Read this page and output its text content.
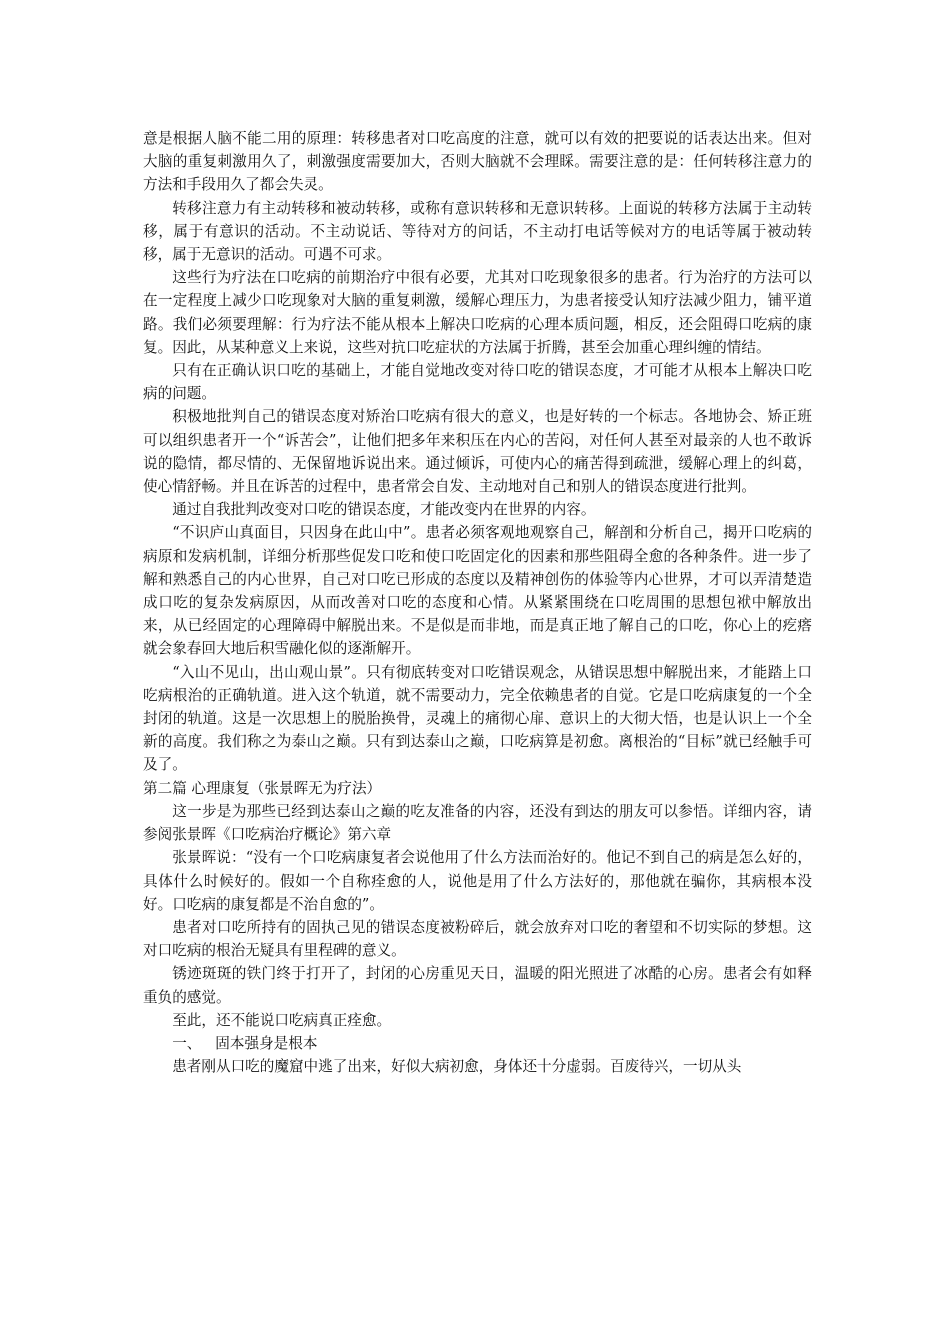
意是根据人脑不能二用的原理：转移患者对口吃高度的注意，就可以有效的把要说的话表达出来。但对大脑的重复刺激用久了，刺激强度需要加大，否则大脑就不会理睬。需要注意的是：任何转移注意力的方法和手段用久了都会失灵。

转移注意力有主动转移和被动转移，或称有意识转移和无意识转移。上面说的转移方法属于主动转移，属于有意识的活动。不主动说话、等待对方的问话，不主动打电话等候对方的电话等属于被动转移，属于无意识的活动。可遇不可求。

这些行为疗法在口吃病的前期治疗中很有必要，尤其对口吃现象很多的患者。行为治疗的方法可以在一定程度上减少口吃现象对大脑的重复刺激，缓解心理压力，为患者接受认知疗法减少阻力，铺平道路。我们必须要理解：行为疗法不能从根本上解决口吃病的心理本质问题，相反，还会阻碍口吃病的康复。因此，从某种意义上来说，这些对抗口吃症状的方法属于折腾，甚至会加重心理纠缠的情结。

只有在正确认识口吃的基础上，才能自觉地改变对待口吃的错误态度，才可能才从根本上解决口吃病的问题。

积极地批判自己的错误态度对矫治口吃病有很大的意义，也是好转的一个标志。各地协会、矫正班可以组织患者开一个“诉苦会”，让他们把多年来积压在内心的苦闷，对任何人甚至对最亲的人也不敢诉说的隐情，都尽情的、无保留地诉说出来。通过倾诉，可使内心的痛苦得到疏泄，缓解心理上的纠葛，使心情舒畅。并且在诉苦的过程中，患者常会自发、主动地对自己和别人的错误态度进行批判。

通过自我批判改变对口吃的错误态度，才能改变内在世界的内容。

“不识庐山真面目，只因身在此山中”。患者必须客观地观察自己，解剖和分析自己，揭开口吃病的病原和发病机制，详细分析那些促发口吃和使口吃固定化的因素和那些阻碍全愈的各种条件。进一步了解和熟悉自己的内心世界，自己对口吃已形成的态度以及精神创伤的体验等内心世界，才可以弄清楚造成口吃的复杂发病原因，从而改善对口吃的态度和心情。从紧紧围绕在口吃周围的思想包袱中解放出来，从已经固定的心理障碍中解脱出来。不是似是而非地，而是真正地了解自己的口吃，你心上的疙瘩就会象春回大地后积雪融化似的逐渐解开。

“入山不见山，出山观山景”。只有彻底转变对口吃错误观念，从错误思想中解脱出来，才能踏上口吃病根治的正确轨道。进入这个轨道，就不需要动力，完全依赖患者的自觉。它是口吃病康复的一个全封闭的轨道。这是一次思想上的脱胎换骨，灵魂上的痛彻心扉、意识上的大彻大悟，也是认识上一个全新的高度。我们称之为泰山之巅。只有到达泰山之巅，口吃病算是初愈。离根治的“目标”就已经触手可及了。

第二篇 心理康复（张景晖无为疗法）

这一步是为那些已经到达泰山之巅的吃友准备的内容，还没有到达的朋友可以参悟。详细内容，请参阅张景晖《口吃病治疗概论》第六章

张景晖说：“没有一个口吃病康复者会说他用了什么方法而治好的。他记不到自己的病是怎么好的，具体什么时候好的。假如一个自称痊愈的人，说他是用了什么方法好的，那他就在骗你，其病根本没好。口吃病的康复都是不治自愈的”。

患者对口吃所持有的固执己见的错误态度被粉碎后，就会放弃对口吃的奢望和不切实际的梦想。这对口吃病的根治无疑具有里程碑的意义。

锈迹斑斑的铁门终于打开了，封闭的心房重见天日，温暖的阳光照进了冰酷的心房。患者会有如释重负的感觉。

至此，还不能说口吃病真正痊愈。

一、   固本强身是根本

患者刚从口吃的魔窟中逃了出来，好似大病初愈，身体还十分虚弱。百废待兴，一切从头
